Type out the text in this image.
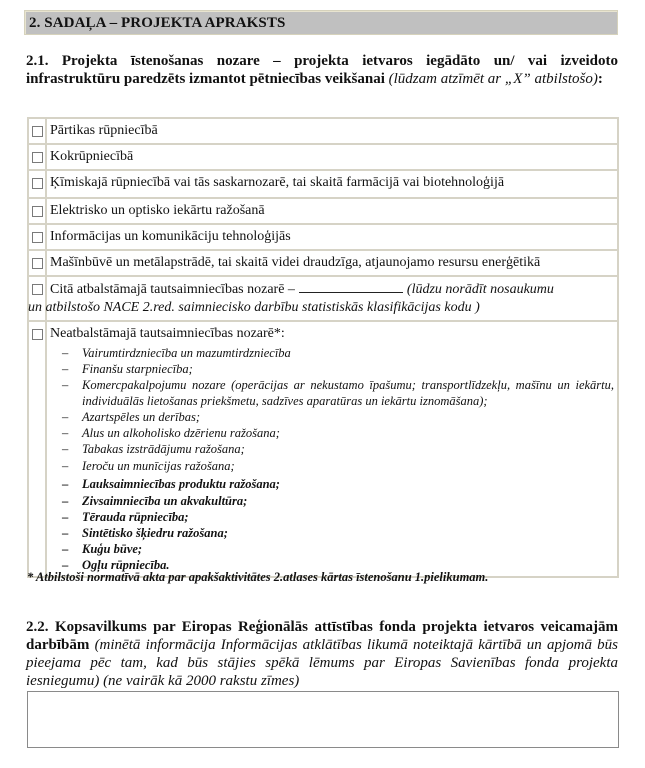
2. SADAĻA – PROJEKTA APRAKSTS
2.1. Projekta īstenošanas nozare – projekta ietvaros iegādāto un/ vai izveidoto infrastruktūru paredzēts izmantot pētniecības veikšanai (lūdzam atzīmēt ar „X” atbilstošo):
	Pārtikas rūpniecībā
	Kokrūpniecībā
	Ķīmiskajā rūpniecībā vai tās saskarnozarē, tai skaitā farmācijā vai biotehnoloģijā
	Elektrisko un optisko iekārtu ražošanā
	Informācijas un komunikāciju tehnoloģijās
	Mašīnbūvē un metālapstrādē, tai skaitā videi draudzīga, atjaunojamo resursu enerģētikā
	Citā atbalstāmajā tautsaimniecības nozarē – (lūdzu norādīt nosaukumu
un atbilstošo NACE 2.red. saimniecisko darbību statistiskās klasifikācijas kodu )

	Neatbalstāmajā tautsaimniecības nozarē*:
– Vairumtirdzniecība un mazumtirdzniecība
– Finanšu starpniecība;
– Komercpakalpojumu nozare (operācijas ar nekustamo īpašumu; transportlīdzekļu, mašīnu un iekārtu, individuālās lietošanas priekšmetu, sadzīves aparatūras un iekārtu iznomāšana);
– Azartspēles un derības;
– Alus un alkoholisko dzērienu ražošana;
– Tabakas izstrādājumu ražošana;
– Ieroču un munīcijas ražošana;
– Lauksaimniecības produktu ražošana;
– Zivsaimniecība un akvakultūra;
– Tērauda rūpniecība;
– Sintētisko šķiedru ražošana;
– Kuģu būve;
– Ogļu rūpniecība.
* Atbilstoši normatīvā akta par apakšaktivitātes 2.atlases kārtas īstenošanu 1.pielikumam.
2.2. Kopsavilkums par Eiropas Reģionālās attīstības fonda projekta ietvaros veicamajām darbībām (minētā informācija Informācijas atklātības likumā noteiktajā kārtībā un apjomā būs pieejama pēc tam, kad būs stājies spēkā lēmums par Eiropas Savienības fonda projekta iesniegumu) (ne vairāk kā 2000 rakstu zīmes)
